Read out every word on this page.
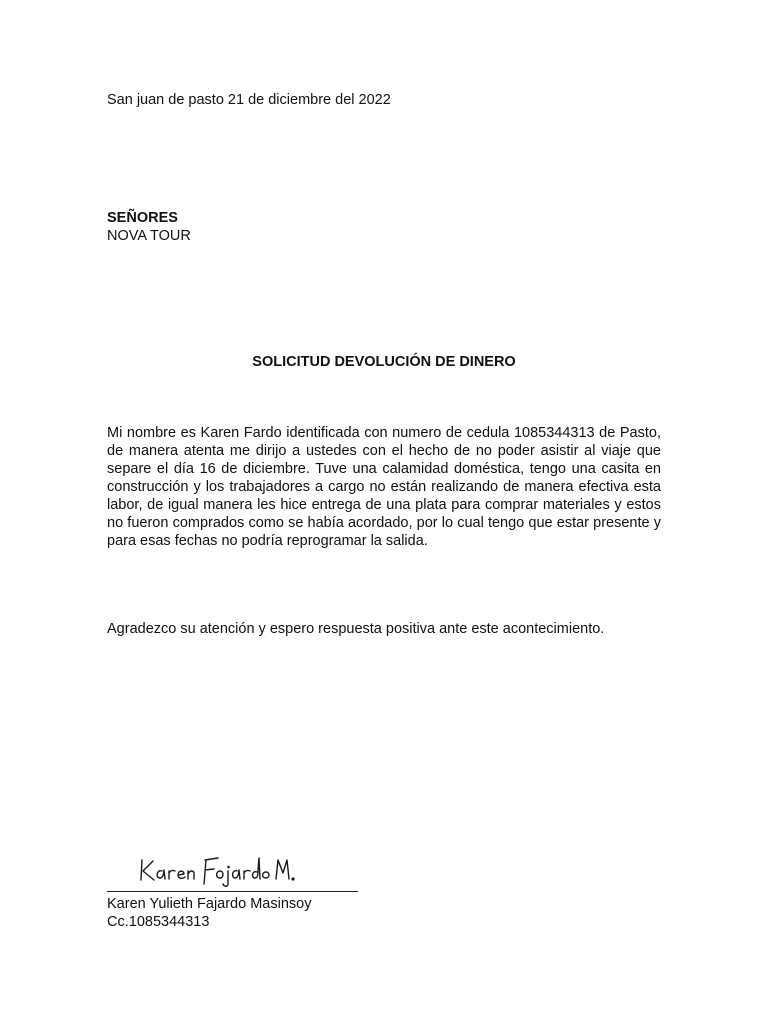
San juan de pasto 21 de diciembre del 2022
SEÑORES
NOVA TOUR
SOLICITUD DEVOLUCIÓN DE DINERO
Mi nombre es Karen Fardo identificada con numero de cedula 1085344313 de Pasto, de manera atenta me dirijo a ustedes con el hecho de no poder asistir al viaje que separe el día 16 de diciembre. Tuve una calamidad doméstica, tengo una casita en construcción y los trabajadores a cargo no están realizando de manera efectiva esta labor, de igual manera les hice entrega de una plata para comprar materiales y estos no fueron comprados como se había acordado, por lo cual tengo que estar presente y para esas fechas no podría reprogramar la salida.
Agradezco su atención y espero respuesta positiva ante este acontecimiento.
Karen Yulieth Fajardo Masinsoy
Cc.1085344313
